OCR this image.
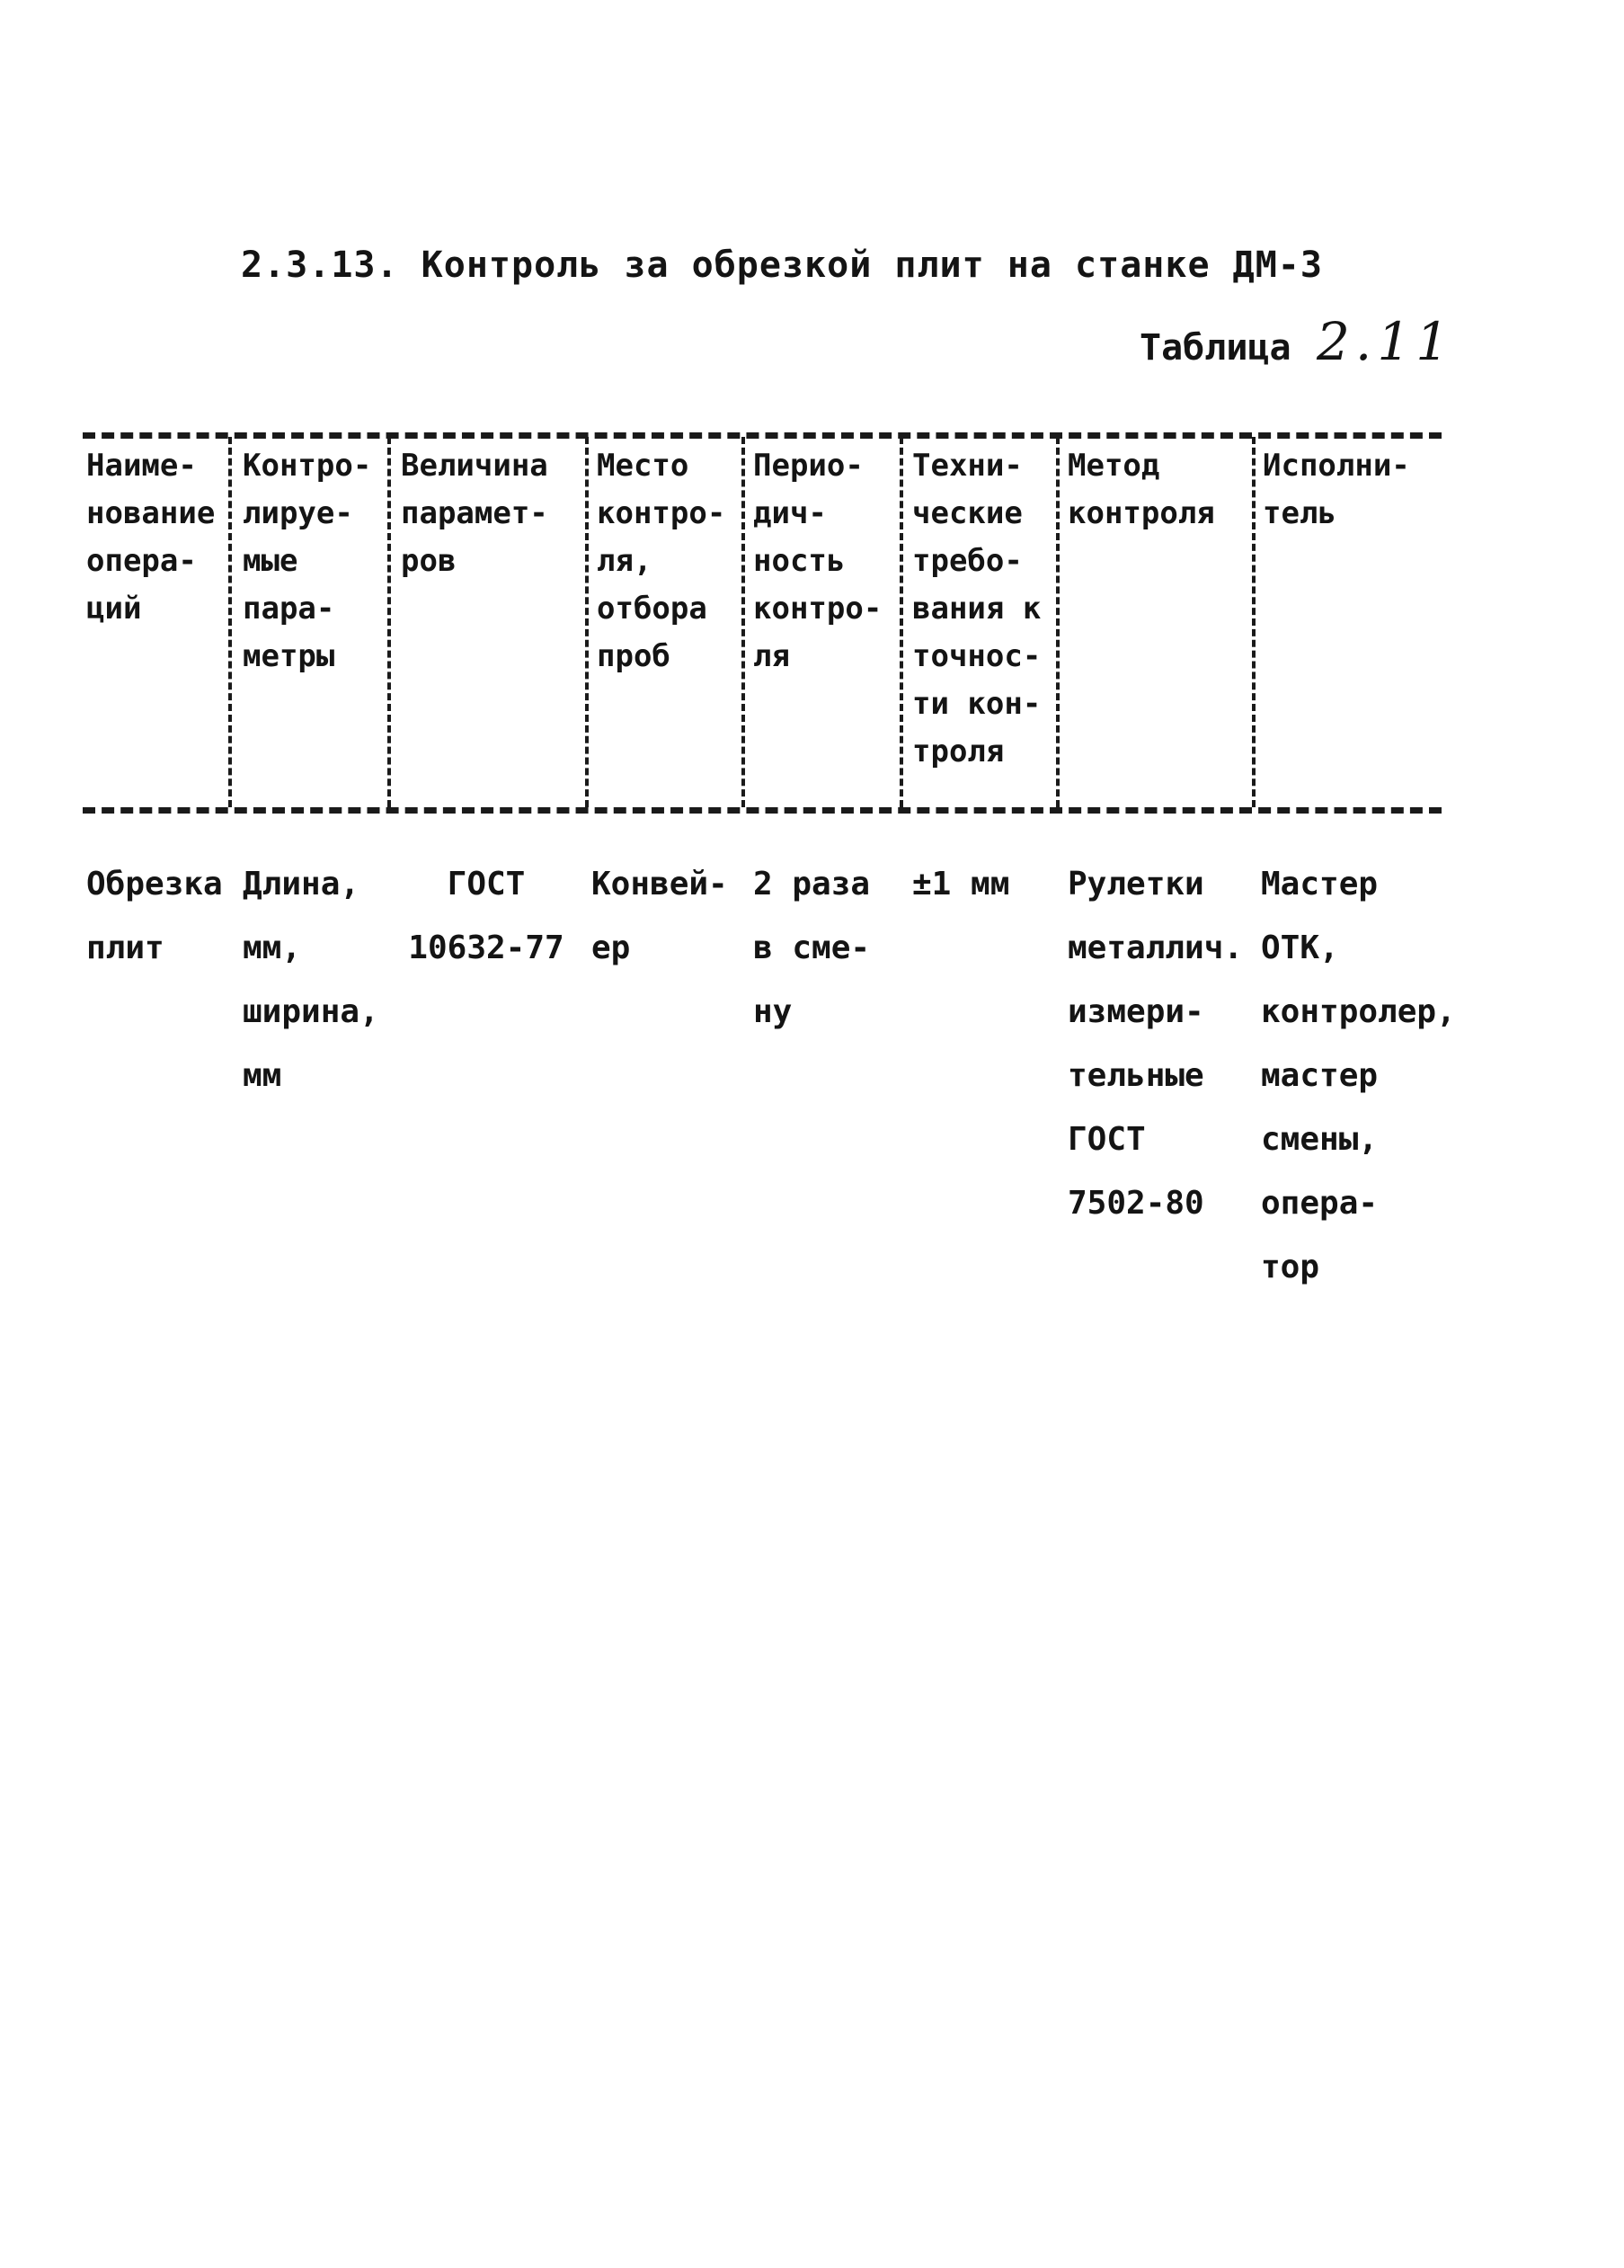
2.3.13. Контроль за обрезкой плит на станке ДМ-3
Таблица 2.11
Наиме-
нование
опера-
ций
Контро-
лируе-
мые
пара-
метры
Величина
парамет-
ров
Место
контро-
ля,
отбора
проб
Перио-
дич-
ность
контро-
ля
Техни-
ческие
требо-
вания к
точнос-
ти кон-
троля
Метод
контроля
Исполни-
тель
Обрезка
плит
Длина,
мм,
ширина,
мм
ГОСТ
10632-77
Конвей-
ер
2 раза
в сме-
ну
±1 мм Рулетки
металлич.
измери-
тельные
ГОСТ
7502-80
Мастер
ОТК,
контролер,
мастер
смены,
опера-
тор
